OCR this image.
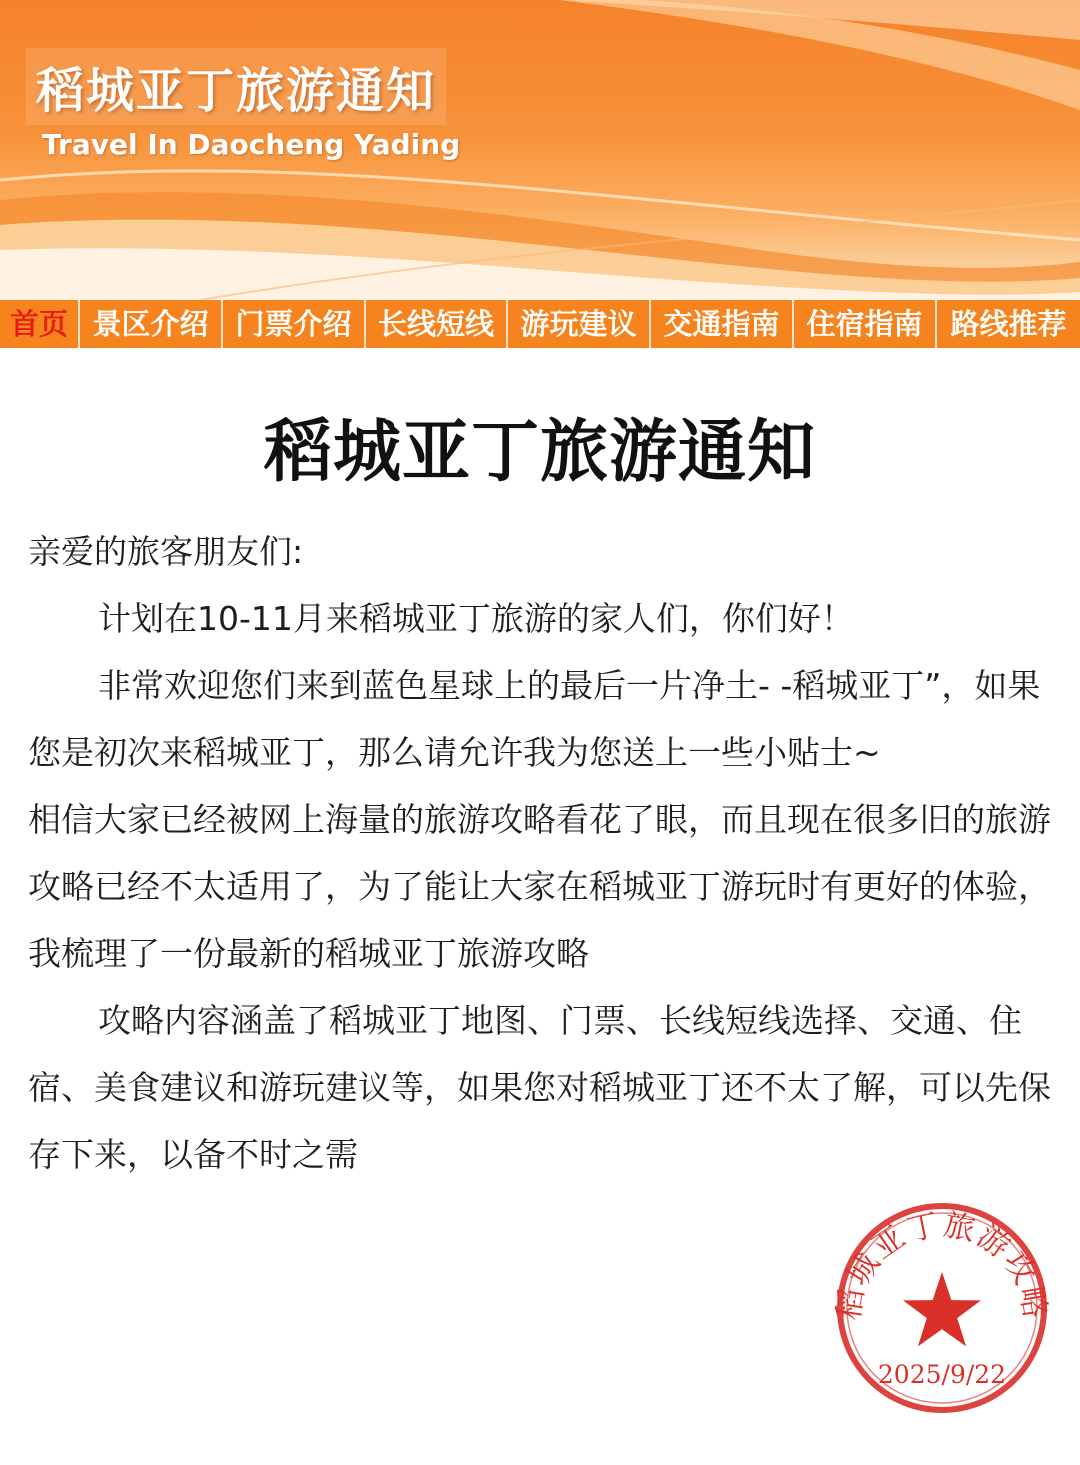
稻城亚丁旅游通知
Travel In Daocheng Yading
首页 景区介绍 门票介绍 长线短线 游玩建议 交通指南 住宿指南 路线推荐
稻城亚丁旅游通知

亲爱的旅客朋友们:

计划在10-11月来稻城亚丁旅游的家人们，你们好！

非常欢迎您们来到蓝色星球上的最后一片净土- -稻城亚丁”，如果您是初次来稻城亚丁，那么请允许我为您送上一些小贴士~

相信大家已经被网上海量的旅游攻略看花了眼，而且现在很多旧的旅游攻略已经不太适用了，为了能让大家在稻城亚丁游玩时有更好的体验，我梳理了一份最新的稻城亚丁旅游攻略

攻略内容涵盖了稻城亚丁地图、门票、长线短线选择、交通、住宿、美食建议和游玩建议等，如果您对稻城亚丁还不太了解，可以先保存下来，以备不时之需

稻城亚丁旅游攻略
2025/9/22
